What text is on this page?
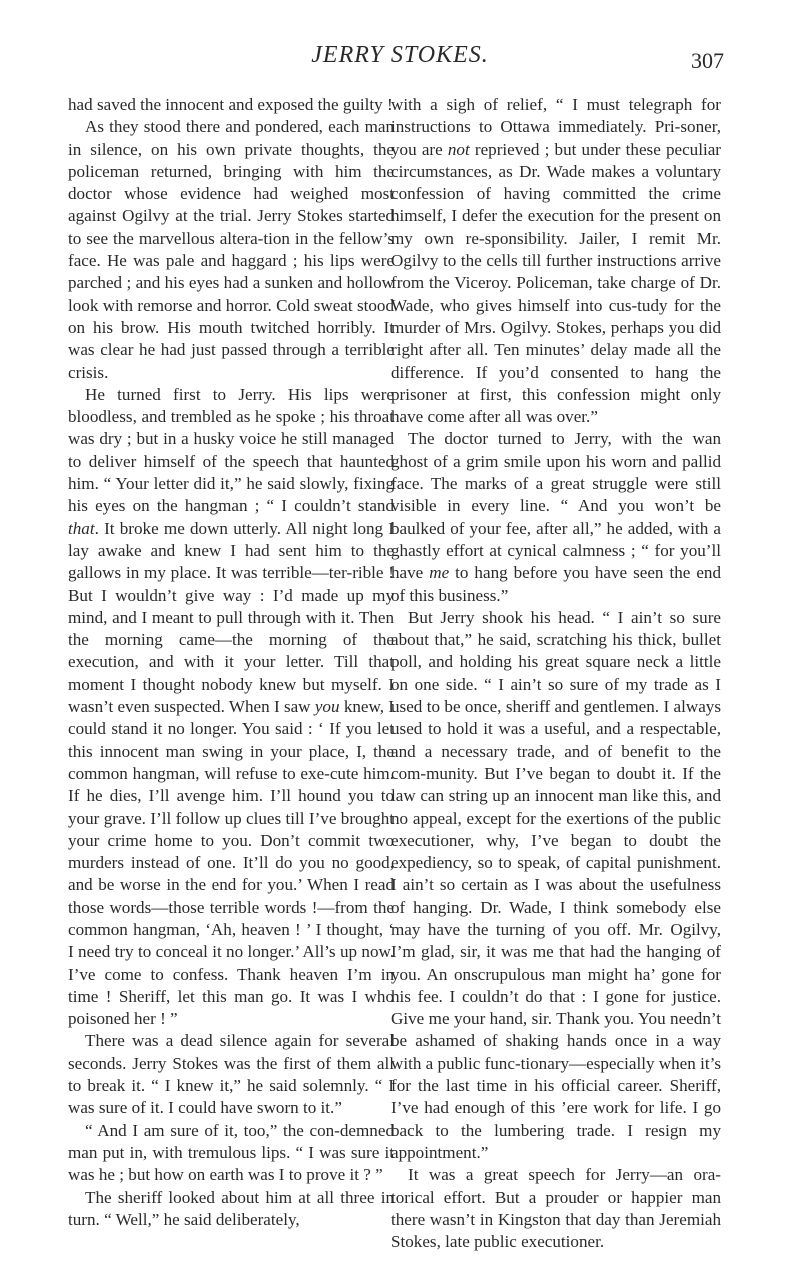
JERRY STOKES.	307

had saved the innocent and exposed the guilty !

As they stood there and pondered, each man in silence, on his own private thoughts, the policeman returned, bringing with him the doctor whose evidence had weighed most against Ogilvy at the trial. Jerry Stokes started to see the marvellous altera-tion in the fellow’s face. He was pale and haggard ; his lips were parched ; and his eyes had a sunken and hollow look with remorse and horror. Cold sweat stood on his brow. His mouth twitched horribly. It was clear he had just passed through a terrible crisis.

He turned first to Jerry. His lips were bloodless, and trembled as he spoke ; his throat was dry ; but in a husky voice he still managed to deliver himself of the speech that haunted him. “ Your letter did it,” he said slowly, fixing his eyes on the hangman ; “ I couldn’t stand that. It broke me down utterly. All night long I lay awake and knew I had sent him to the gallows in my place. It was terrible—ter-rible ! But I wouldn’t give way : I’d made up my mind, and I meant to pull through with it. Then the morning came—the morning of the execution, and with it your letter. Till that moment I thought nobody knew but myself. I wasn’t even suspected. When I saw you knew, I could stand it no longer. You said : ‘ If you let this innocent man swing in your place, I, the common hangman, will refuse to exe-cute him. If he dies, I’ll avenge him. I’ll hound you to your grave. I’ll follow up clues till I’ve brought your crime home to you. Don’t commit two murders instead of one. It’ll do you no good, and be worse in the end for you.’ When I read those words—those terrible words !—from the common hangman, ‘Ah, heaven ! ’ I thought, ‘ I need try to conceal it no longer.’ All’s up now. I’ve come to confess. Thank heaven I’m in time ! Sheriff, let this man go. It was I who poisoned her ! ”

There was a dead silence again for several seconds. Jerry Stokes was the first of them all to break it. “ I knew it,” he said solemnly. “ I was sure of it. I could have sworn to it.”

“ And I am sure of it, too,” the con-demned man put in, with tremulous lips. “ I was sure it was he ; but how on earth was I to prove it ? ”

The sheriff looked about him at all three in turn. “ Well,” he said deliberately,

with a sigh of relief, “ I must telegraph for instructions to Ottawa immediately. Pri-soner, you are not reprieved ; but under these peculiar circumstances, as Dr. Wade makes a voluntary confession of having committed the crime himself, I defer the execution for the present on my own re-sponsibility. Jailer, I remit Mr. Ogilvy to the cells till further instructions arrive from the Viceroy. Policeman, take charge of Dr. Wade, who gives himself into cus-tudy for the murder of Mrs. Ogilvy. Stokes, perhaps you did right after all. Ten minutes’ delay made all the difference. If you’d consented to hang the prisoner at first, this confession might only have come after all was over.”

The doctor turned to Jerry, with the wan ghost of a grim smile upon his worn and pallid face. The marks of a great struggle were still visible in every line. “ And you won’t be baulked of your fee, after all,” he added, with a ghastly effort at cynical calmness ; “ for you’ll have me to hang before you have seen the end of this business.”

But Jerry shook his head. “ I ain’t so sure about that,” he said, scratching his thick, bullet poll, and holding his great square neck a little on one side. “ I ain’t so sure of my trade as I used to be once, sheriff and gentlemen. I always used to hold it was a useful, and a respectable, and a necessary trade, and of benefit to the com-munity. But I’ve began to doubt it. If the law can string up an innocent man like this, and no appeal, except for the exertions of the public executioner, why, I’ve began to doubt the expediency, so to speak, of capital punishment. I ain’t so certain as I was about the usefulness of hanging. Dr. Wade, I think somebody else may have the turning of you off. Mr. Ogilvy, I’m glad, sir, it was me that had the hanging of you. An onscrupulous man might ha’ gone for his fee. I couldn’t do that : I gone for justice. Give me your hand, sir. Thank you. You needn’t be ashamed of shaking hands once in a way with a public func-tionary—especially when it’s for the last time in his official career. Sheriff, I’ve had enough of this ’ere work for life. I go back to the lumbering trade. I resign my appointment.”

It was a great speech for Jerry—an ora-torical effort. But a prouder or happier man there wasn’t in Kingston that day than Jeremiah Stokes, late public executioner.
